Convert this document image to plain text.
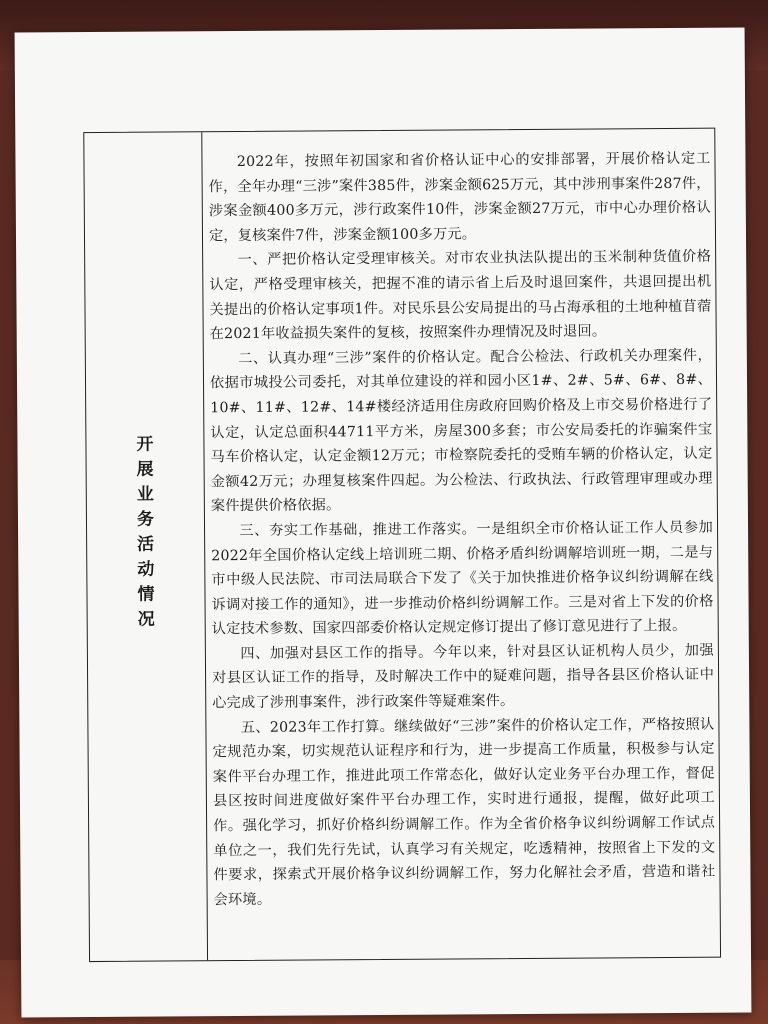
开展业务活动情况

2022年，按照年初国家和省价格认证中心的安排部署，开展价格认定工作，全年办理“三涉”案件385件，涉案金额625万元，其中涉刑事案件287件，涉案金额400多万元，涉行政案件10件，涉案金额27万元，市中心办理价格认定，复核案件7件，涉案金额100多万元。

一、严把价格认定受理审核关。对市农业执法队提出的玉米制种货值价格认定，严格受理审核关，把握不准的请示省上后及时退回案件，共退回提出机关提出的价格认定事项1件。对民乐县公安局提出的马占海承租的土地种植苜蓿在2021年收益损失案件的复核，按照案件办理情况及时退回。

二、认真办理“三涉”案件的价格认定。配合公检法、行政机关办理案件，依据市城投公司委托，对其单位建设的祥和园小区1#、2#、5#、6#、8#、10#、11#、12#、14#楼经济适用住房政府回购价格及上市交易价格进行了认定，认定总面积44711平方米，房屋300多套；市公安局委托的诈骗案件宝马车价格认定，认定金额12万元；市检察院委托的受贿车辆的价格认定，认定金额42万元；办理复核案件四起。为公检法、行政执法、行政管理审理或办理案件提供价格依据。

三、夯实工作基础，推进工作落实。一是组织全市价格认证工作人员参加2022年全国价格认定线上培训班二期、价格矛盾纠纷调解培训班一期，二是与市中级人民法院、市司法局联合下发了《关于加快推进价格争议纠纷调解在线诉调对接工作的通知》，进一步推动价格纠纷调解工作。三是对省上下发的价格认定技术参数、国家四部委价格认定规定修订提出了修订意见进行了上报。

四、加强对县区工作的指导。今年以来，针对县区认证机构人员少，加强对县区认证工作的指导，及时解决工作中的疑难问题，指导各县区价格认证中心完成了涉刑事案件，涉行政案件等疑难案件。

五、2023年工作打算。继续做好“三涉”案件的价格认定工作，严格按照认定规范办案，切实规范认证程序和行为，进一步提高工作质量，积极参与认定案件平台办理工作，推进此项工作常态化，做好认定业务平台办理工作，督促县区按时间进度做好案件平台办理工作，实时进行通报，提醒，做好此项工作。强化学习，抓好价格纠纷调解工作。作为全省价格争议纠纷调解工作试点单位之一，我们先行先试，认真学习有关规定，吃透精神，按照省上下发的文件要求，探索式开展价格争议纠纷调解工作，努力化解社会矛盾，营造和谐社会环境。
